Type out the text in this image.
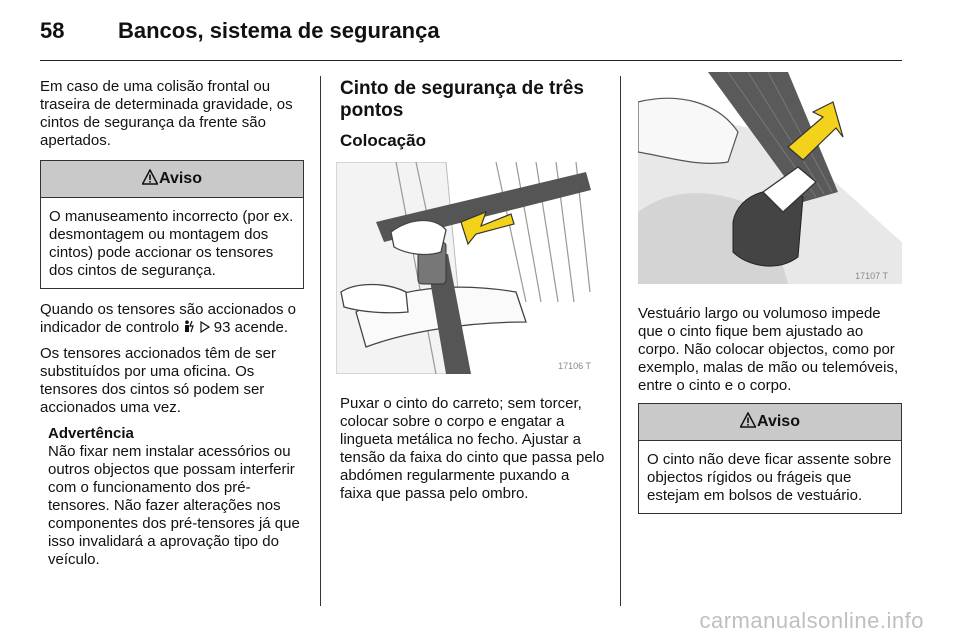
58 Bancos, sistema de segurança

Em caso de uma colisão frontal ou traseira de determinada gravidade, os cintos de segurança da frente são apertados.

Aviso
O manuseamento incorrecto (por ex. desmontagem ou montagem dos cintos) pode accionar os tensores dos cintos de segurança.

Quando os tensores são accionados o indicador de controlo 93 acende.

Os tensores accionados têm de ser substituídos por uma oficina. Os tensores dos cintos só podem ser accionados uma vez.

Advertência
Não fixar nem instalar acessórios ou outros objectos que possam interferir com o funcionamento dos pré-tensores. Não fazer alterações nos componentes dos pré-tensores já que isso invalidará a aprovação tipo do veículo.
Cinto de segurança de três pontos
Colocação
17106 T

Puxar o cinto do carreto; sem torcer, colocar sobre o corpo e engatar a lingueta metálica no fecho. Ajustar a tensão da faixa do cinto que passa pelo abdómen regularmente puxando a faixa que passa pelo ombro.

17107 T

Vestuário largo ou volumoso impede que o cinto fique bem ajustado ao corpo. Não colocar objectos, como por exemplo, malas de mão ou telemóveis, entre o cinto e o corpo.

Aviso
O cinto não deve ficar assente sobre objectos rígidos ou frágeis que estejam em bolsos de vestuário.
carmanualsonline.info
